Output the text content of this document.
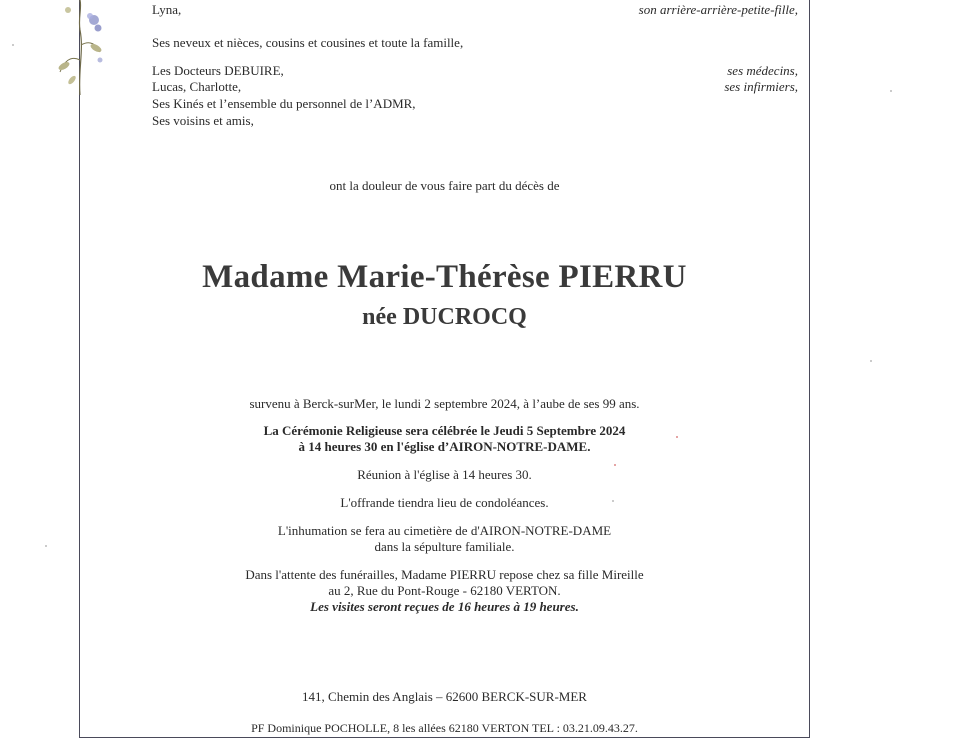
Lyna,	son arrière-arrière-petite-fille,
Ses neveux et nièces, cousins et cousines et toute la famille,
Les Docteurs DEBUIRE,	ses médecins,
Lucas, Charlotte,	ses infirmiers,
Ses Kinés et l’ensemble du personnel de l’ADMR,
Ses voisins et amis,
ont la douleur de vous faire part du décès de
Madame Marie-Thérèse PIERRU
née DUCROCQ
survenu à Berck-surMer, le lundi 2 septembre 2024, à l’aube de ses 99 ans.
La Cérémonie Religieuse sera célébrée le Jeudi 5 Septembre 2024
à 14 heures 30 en l'église d’AIRON-NOTRE-DAME.
Réunion à l'église à 14 heures 30.
L'offrande tiendra lieu de condoléances.
L'inhumation se fera au cimetière de d'AIRON-NOTRE-DAME
dans la sépulture familiale.
Dans l'attente des funérailles, Madame PIERRU repose chez sa fille Mireille
au 2, Rue du Pont-Rouge - 62180 VERTON.
Les visites seront reçues de 16 heures à 19 heures.
141, Chemin des Anglais – 62600 BERCK-SUR-MER
PF Dominique POCHOLLE, 8 les allées 62180 VERTON TEL : 03.21.09.43.27.
